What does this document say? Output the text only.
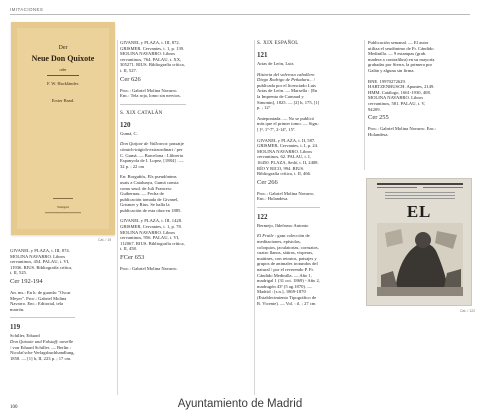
IMITACIONES
Der
Neue Don Quixote
oder
F. W. Hackländer.
Erster Band.
Stuttgart
Cat. / 19

GIVANEL y PLAZA, t. III, 874. MOLINA NAVARRO. Libros cervantinos, 454. PALAU, t. VI, 11936. RIUS. Bibliografía crítica, t. II, 525.

Cer 192-194

An. ms.: En h. de guarda: "Oscar Meyer". Proc.: Gabriel Molina Navarro. Enc.: Editorial, tela marrón.

119

Schiller, Eduard

Don Quixote und Falstaff: novelle / von Eduard Schiller. — Berlin : Nicolai'sche Verlagsbuchhandlung, 1858. — [1] h, II, 223 p. ; 17 cm.

GIVANEL y PLAZA, t. III, 872. GRISMER. Cervantes, t. 1, p. 139. MOLINA NAVARRO. Libros cervantinos, 764. PALAU, t. XX, 305271. RIUS. Bibliografía crítica, t. II, 527.

Cer 626

Proc.: Gabriel Molina Navarro. Enc.: Tela roja, lomo sin nervios.

S. XIX CATALÁN
120

Gumá, C.

Don Quijote de Vallcarca: passatje còmich-trágich-extraordinari / per C. Gumá. — Barcelona : Llibreria Espanyola de I. Lopez, [1884] . — 32 p. ; 22 cm

En: Borguñós, Els pseudònims usats a Catalunya, Gumá consta como seud. de Juli Francesc Guibernau. — Fecha de publicación tomada de Givanel, Grismer y Rius. Se halla la publicación de esta obra en 1885.

GIVANEL y PLAZA, t. III, 1428. GRISMER, Cervantes, t. 1, p. 78. MOLINA NAVARRO. Libros cervantinos, 956. PALAU, t. VI, 112067. RIUS. Bibliografía crítica, t. II, 458.

FCer 653

Proc.: Gabriel Molina Navarro.

S. XIX ESPAÑOL
121

Arias de León, Luis

Historia del valeroso caballero Diego Rodrigo de Peñadura... / publicada por el licenciado Luis Arias de León. — Marsella : [En la Imprenta de Carnaud y Simonin], 1825. — [2] h, 175, [1] p. ; 12°

Antepontada. — No se publicó más que el primer tomo. — Sign.: [ ]², 1º-7º, 2-14º, 15º.

GIVANEL y PLAZA, t. II, 587. GRISMER, Cervantes, t. I, p. 24. MOLINA NAVARRO. Libros cervantinos, 62. PALAU, t. I, 16450. PLAZA, Sedó, t. II, 2408. RÍO Y RICO, 994. RIUS. Bibliografía crítica, t. II, 466.

Cer 266

Proc.: Gabriel Molina Navarro. Enc.: Holandesa.

122

Bermejo, Ildefonso Antonio

El Fraile : gran colección de meditaciones, epístolas, coloquios, jaculatorias, corruatos, cuatro llanos, sátiras, visperas, maitines, con retratos, paisajes y grupos de animales trotundos del natural / por el reverendo P. Fr. Cándido Medinilla. — Año 1, madrigal 1 (31 oct. 1869) - Año 2, madrugón 43ª (5 ag.1870). — Madrid : [s.n.], 1869-1870 (Establecimiento Tipográfico de R. Vicente). — Vol. : il. ; 27 cm

Publicación semanal. — El autor utiliza el seudónimo de Fr. Cándido Medinilla. — 9 estampas (grab. madera a contrafibra) en su mayoría grabadas por Sierra, la primera por Galán y alguna sin firma.

BNE. 19970272629. HARTZENBUSCH. Apuntes, 2149. HMM. Catálogo, 1661-1930, 408. MOLINA NAVARRO. Libros cervantinos, 581. PALAU, t. V, 94209.

Cer 255

Proc.: Gabriel Molina Navarro. Enc.: Holandesa.

EL
Cat. / 122
100	Ayuntamiento de Madrid
